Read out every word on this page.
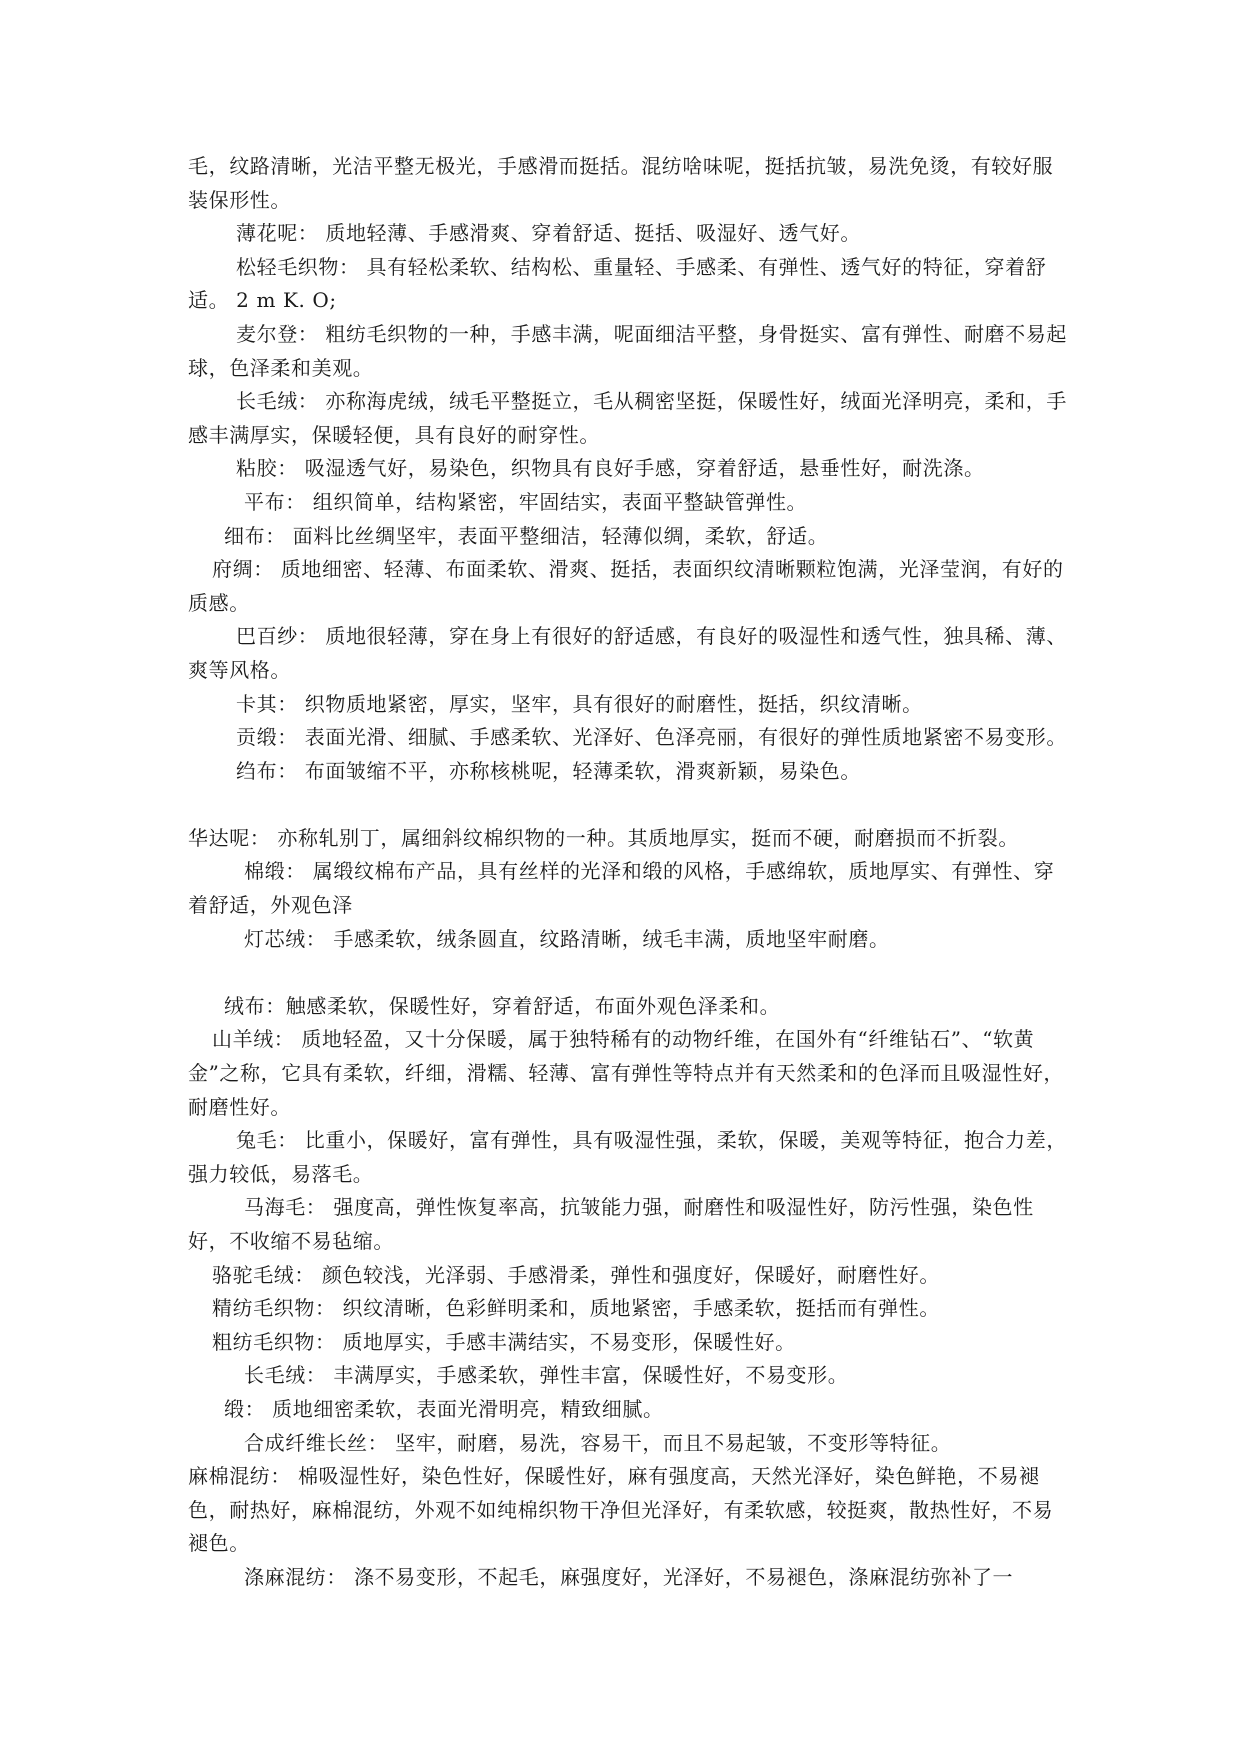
毛，纹路清晰，光洁平整无极光，手感滑而挺括。混纺啥味呢，挺括抗皱，易洗免烫，有较好服装保形性。

薄花呢： 质地轻薄、手感滑爽、穿着舒适、挺括、吸湿好、透气好。

松轻毛织物： 具有轻松柔软、结构松、重量轻、手感柔、有弹性、透气好的特征，穿着舒适。 2 m K. O;

麦尔登： 粗纺毛织物的一种，手感丰满，呢面细洁平整，身骨挺实、富有弹性、耐磨不易起球，色泽柔和美观。

长毛绒： 亦称海虎绒，绒毛平整挺立，毛从稠密坚挺，保暖性好，绒面光泽明亮，柔和，手感丰满厚实，保暖轻便，具有良好的耐穿性。

粘胶： 吸湿透气好，易染色，织物具有良好手感，穿着舒适，悬垂性好，耐洗涤。

平布： 组织简单，结构紧密，牢固结实，表面平整缺管弹性。

细布： 面料比丝绸坚牢，表面平整细洁，轻薄似绸，柔软，舒适。

府绸： 质地细密、轻薄、布面柔软、滑爽、挺括，表面织纹清晰颗粒饱满，光泽莹润，有好的质感。

巴百纱： 质地很轻薄，穿在身上有很好的舒适感，有良好的吸湿性和透气性，独具稀、薄、爽等风格。

卡其： 织物质地紧密，厚实，坚牢，具有很好的耐磨性，挺括，织纹清晰。

贡缎： 表面光滑、细腻、手感柔软、光泽好、色泽亮丽，有很好的弹性质地紧密不易变形。

绉布： 布面皱缩不平，亦称核桃呢，轻薄柔软，滑爽新颖，易染色。

华达呢： 亦称轧别丁，属细斜纹棉织物的一种。其质地厚实，挺而不硬，耐磨损而不折裂。

棉缎： 属缎纹棉布产品，具有丝样的光泽和缎的风格，手感绵软，质地厚实、有弹性、穿着舒适，外观色泽

灯芯绒： 手感柔软，绒条圆直，纹路清晰，绒毛丰满，质地坚牢耐磨。

绒布：触感柔软，保暖性好，穿着舒适，布面外观色泽柔和。

山羊绒： 质地轻盈，又十分保暖，属于独特稀有的动物纤维，在国外有“纤维钻石”、“软黄金”之称，它具有柔软，纤细，滑糯、轻薄、富有弹性等特点并有天然柔和的色泽而且吸湿性好，耐磨性好。

兔毛： 比重小，保暖好，富有弹性，具有吸湿性强，柔软，保暖，美观等特征，抱合力差，强力较低，易落毛。

马海毛： 强度高，弹性恢复率高，抗皱能力强，耐磨性和吸湿性好，防污性强，染色性好，不收缩不易毡缩。

骆驼毛绒： 颜色较浅，光泽弱、手感滑柔，弹性和强度好，保暖好，耐磨性好。

精纺毛织物： 织纹清晰，色彩鲜明柔和，质地紧密，手感柔软，挺括而有弹性。

粗纺毛织物： 质地厚实，手感丰满结实，不易变形，保暖性好。

长毛绒： 丰满厚实，手感柔软，弹性丰富，保暖性好，不易变形。

缎： 质地细密柔软，表面光滑明亮，精致细腻。

合成纤维长丝： 坚牢，耐磨，易洗，容易干，而且不易起皱，不变形等特征。

麻棉混纺： 棉吸湿性好，染色性好，保暖性好，麻有强度高，天然光泽好，染色鲜艳，不易褪色，耐热好，麻棉混纺，外观不如纯棉织物干净但光泽好，有柔软感，较挺爽，散热性好，不易褪色。

涤麻混纺： 涤不易变形，不起毛，麻强度好，光泽好，不易褪色，涤麻混纺弥补了一
